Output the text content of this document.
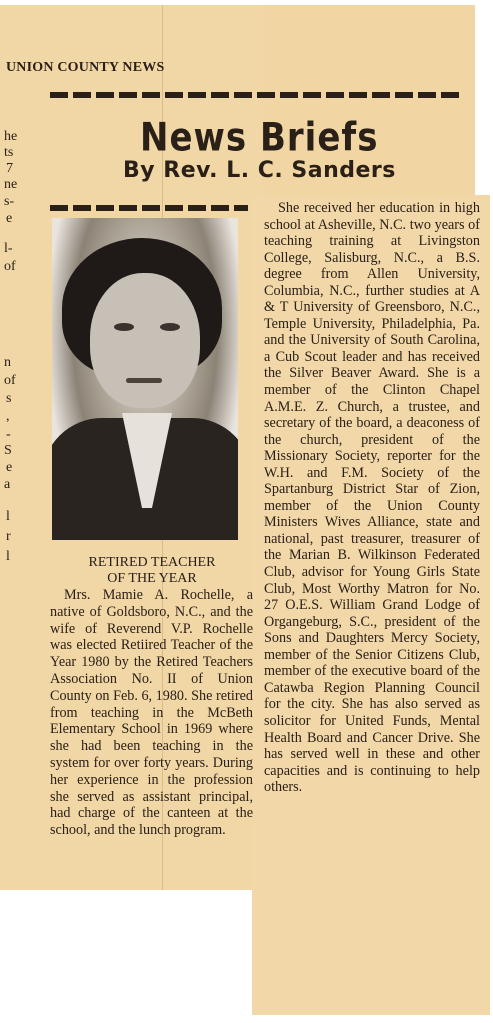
UNION COUNTY NEWS
News Briefs
By Rev. L. C. Sanders
he
ts
7
ne
s-
e
l-
of
n
of
s
,
-
S
e
a
l
r
l	RETIRED TEACHER
OF THE YEAR

Mrs. Mamie A. Rochelle, a native of Goldsboro, N.C., and the wife of Reverend V.P. Rochelle was elected Retiired Teacher of the Year 1980 by the Retired Teachers Association No. II of Union County on Feb. 6, 1980. She retired from teaching in the McBeth Elementary School in 1969 where she had been teaching in the system for over forty years. During her experience in the profession she served as assistant principal, had charge of the canteen at the school, and the lunch program.

She received her education in high school at Asheville, N.C. two years of teaching training at Livingston College, Salisburg, N.C., a B.S. degree from Allen University, Columbia, N.C., further studies at A & T University of Greensboro, N.C., Temple University, Philadelphia, Pa. and the University of South Carolina, a Cub Scout leader and has received the Silver Beaver Award. She is a member of the Clinton Chapel A.M.E. Z. Church, a trustee, and secretary of the board, a deaconess of the church, president of the Missionary Society, reporter for the W.H. and F.M. Society of the Spartanburg District Star of Zion, member of the Union County Ministers Wives Alliance, state and national, past treasurer, treasurer of the Marian B. Wilkinson Federated Club, advisor for Young Girls State Club, Most Worthy Matron for No. 27 O.E.S. William Grand Lodge of Organgeburg, S.C., president of the Sons and Daughters Mercy Society, member of the Senior Citizens Club, member of the executive board of the Catawba Region Planning Council for the city. She has also served as solicitor for United Funds, Mental Health Board and Cancer Drive. She has served well in these and other capacities and is continuing to help others.
